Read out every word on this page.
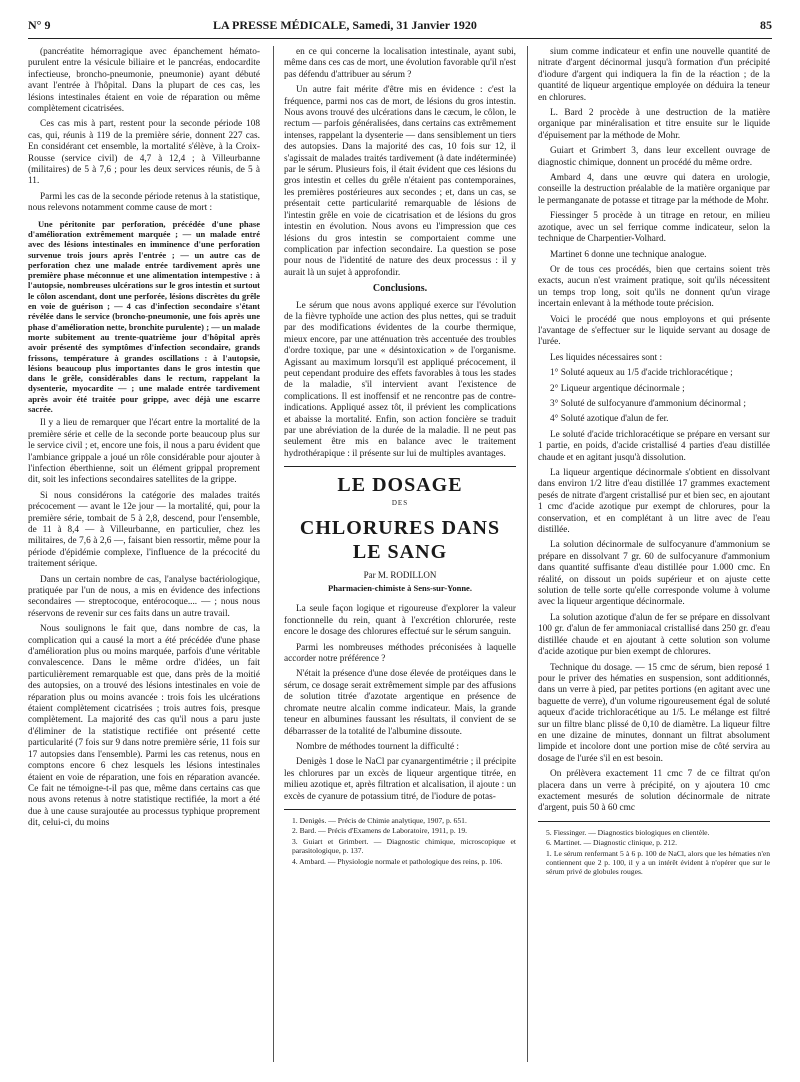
N° 9	LA PRESSE MÉDICALE, Samedi, 31 Janvier 1920	85

(pancréatite hémorragique avec épanchement hémato-purulent entre la vésicule biliaire et le pancréas, endocardite infectieuse, broncho-pneumonie, pneumonie) ayant débuté avant l'entrée à l'hôpital. Dans la plupart de ces cas, les lésions intestinales étaient en voie de réparation ou même complètement cicatrisées.

Ces cas mis à part, restent pour la seconde période 108 cas, qui, réunis à 119 de la première série, donnent 227 cas. En considérant cet ensemble, la mortalité s'élève, à la Croix-Rousse (service civil) de 4,7 à 12,4 ; à Villeurbanne (militaires) de 5 à 7,6 ; pour les deux services réunis, de 5 à 11.

Parmi les cas de la seconde période retenus à la statistique, nous relevons notamment comme cause de mort :

Une péritonite par perforation, précédée d'une phase d'amélioration extrêmement marquée ; — un malade entré avec des lésions intestinales en imminence d'une perforation survenue trois jours après l'entrée ; — un autre cas de perforation chez une malade entrée tardivement après une première phase méconnue et une alimentation intempestive : à l'autopsie, nombreuses ulcérations sur le gros intestin et surtout le côlon ascendant, dont une perforée, lésions discrètes du grêle en voie de guérison ; — 4 cas d'infection secondaire s'étant révélée dans le service (broncho-pneumonie, une fois après une phase d'amélioration nette, bronchite purulente) ; — un malade morte subitement au trente-quatrième jour d'hôpital après avoir présenté des symptômes d'infection secondaire, grands frissons, température à grandes oscillations : à l'autopsie, lésions beaucoup plus importantes dans le gros intestin que dans le grêle, considérables dans le rectum, rappelant la dysenterie, myocardite — ; une malade entrée tardivement après avoir été traitée pour grippe, avec déjà une escarre sacrée.

Il y a lieu de remarquer que l'écart entre la mortalité de la première série et celle de la seconde porte beaucoup plus sur le service civil ; et, encore une fois, il nous a paru évident que l'ambiance grippale a joué un rôle considérable pour ajouter à l'infection éberthienne, soit un élément grippal proprement dit, soit les infections secondaires satellites de la grippe.

Si nous considérons la catégorie des malades traités précocement — avant le 12e jour — la mortalité, qui, pour la première série, tombait de 5 à 2,8, descend, pour l'ensemble, de 11 à 8,4 — à Villeurbanne, en particulier, chez les militaires, de 7,6 à 2,6 —, faisant bien ressortir, même pour la période d'épidémie complexe, l'influence de la précocité du traitement sérique.

Dans un certain nombre de cas, l'analyse bactériologique, pratiquée par l'un de nous, a mis en évidence des infections secondaires — streptocoque, entérocoque.... — ; nous nous réservons de revenir sur ces faits dans un autre travail.

Nous soulignons le fait que, dans nombre de cas, la complication qui a causé la mort a été précédée d'une phase d'amélioration plus ou moins marquée, parfois d'une véritable convalescence. Dans le même ordre d'idées, un fait particulièrement remarquable est que, dans près de la moitié des autopsies, on a trouvé des lésions intestinales en voie de réparation plus ou moins avancée : trois fois les ulcérations étaient complètement cicatrisées ; trois autres fois, presque complètement. La majorité des cas qu'il nous a paru juste d'éliminer de la statistique rectifiée ont présenté cette particularité (7 fois sur 9 dans notre première série, 11 fois sur 17 autopsies dans l'ensemble). Parmi les cas retenus, nous en comptons encore 6 chez lesquels les lésions intestinales étaient en voie de réparation, une fois en réparation avancée. Ce fait ne témoigne-t-il pas que, même dans certains cas que nous avons retenus à notre statistique rectifiée, la mort a été due à une cause surajoutée au processus typhique proprement dit, celui-ci, du moins

en ce qui concerne la localisation intestinale, ayant subi, même dans ces cas de mort, une évolution favorable qu'il n'est pas défendu d'attribuer au sérum ?

Un autre fait mérite d'être mis en évidence : c'est la fréquence, parmi nos cas de mort, de lésions du gros intestin. Nous avons trouvé des ulcérations dans le cæcum, le côlon, le rectum — parfois généralisées, dans certains cas extrêmement intenses, rappelant la dysenterie — dans sensiblement un tiers des autopsies. Dans la majorité des cas, 10 fois sur 12, il s'agissait de malades traités tardivement (à date indéterminée) par le sérum. Plusieurs fois, il était évident que ces lésions du gros intestin et celles du grêle n'étaient pas contemporaines, les premières postérieures aux secondes ; et, dans un cas, se présentait cette particularité remarquable de lésions de l'intestin grêle en voie de cicatrisation et de lésions du gros intestin en évolution. Nous avons eu l'impression que ces lésions du gros intestin se comportaient comme une complication par infection secondaire. La question se pose pour nous de l'identité de nature des deux processus : il y aurait là un sujet à approfondir.

Conclusions.

Le sérum que nous avons appliqué exerce sur l'évolution de la fièvre typhoïde une action des plus nettes, qui se traduit par des modifications évidentes de la courbe thermique, mieux encore, par une atténuation très accentuée des troubles d'ordre toxique, par une « désintoxication » de l'organisme. Agissant au maximum lorsqu'il est appliqué précocement, il peut cependant produire des effets favorables à tous les stades de la maladie, s'il intervient avant l'existence de complications. Il est inoffensif et ne rencontre pas de contre-indications. Appliqué assez tôt, il prévient les complications et abaisse la mortalité. Enfin, son action foncière se traduit par une abréviation de la durée de la maladie. Il ne peut pas seulement être mis en balance avec le traitement hydrothérapique : il présente sur lui de multiples avantages.

LE DOSAGE
DES
CHLORURES DANS LE SANG
Par M. RODILLON
Pharmacien-chimiste à Sens-sur-Yonne.

La seule façon logique et rigoureuse d'explorer la valeur fonctionnelle du rein, quant à l'excrétion chlorurée, reste encore le dosage des chlorures effectué sur le sérum sanguin.

Parmi les nombreuses méthodes préconisées à laquelle accorder notre préférence ?

N'était la présence d'une dose élevée de protéiques dans le sérum, ce dosage serait extrêmement simple par des affusions de solution titrée d'azotate argentique en présence de chromate neutre alcalin comme indicateur. Mais, la grande teneur en albumines faussant les résultats, il convient de se débarrasser de la totalité de l'albumine dissoute.

Nombre de méthodes tournent la difficulté :

Denigès 1 dose le NaCl par cyanargentimétrie ; il précipite les chlorures par un excès de liqueur argentique titrée, en milieu azotique et, après filtration et alcalisation, il ajoute : un excès de cyanure de potassium titré, de l'iodure de potas-

1. Denigès. — Précis de Chimie analytique, 1907, p. 651.

2. Bard. — Précis d'Examens de Laboratoire, 1911, p. 19.

3. Guiart et Grimbert. — Diagnostic chimique, microscopique et parasitologique, p. 137.

4. Ambard. — Physiologie normale et pathologique des reins, p. 106.

sium comme indicateur et enfin une nouvelle quantité de nitrate d'argent décinormal jusqu'à formation d'un précipité d'iodure d'argent qui indiquera la fin de la réaction ; de la quantité de liqueur argentique employée on déduira la teneur en chlorures.

L. Bard 2 procède à une destruction de la matière organique par minéralisation et titre ensuite sur le liquide d'épuisement par la méthode de Mohr.

Guiart et Grimbert 3, dans leur excellent ouvrage de diagnostic chimique, donnent un procédé du même ordre.

Ambard 4, dans une œuvre qui datera en urologie, conseille la destruction préalable de la matière organique par le permanganate de potasse et titrage par la méthode de Mohr.

Fiessinger 5 procède à un titrage en retour, en milieu azotique, avec un sel ferrique comme indicateur, selon la technique de Charpentier-Volhard.

Martinet 6 donne une technique analogue.

Or de tous ces procédés, bien que certains soient très exacts, aucun n'est vraiment pratique, soit qu'ils nécessitent un temps trop long, soit qu'ils ne donnent qu'un virage incertain enlevant à la méthode toute précision.

Voici le procédé que nous employons et qui présente l'avantage de s'effectuer sur le liquide servant au dosage de l'urée.

Les liquides nécessaires sont :

1° Soluté aqueux au 1/5 d'acide trichloracétique ;

2° Liqueur argentique décinormale ;

3° Soluté de sulfocyanure d'ammonium décinormal ;

4° Soluté azotique d'alun de fer.

Le soluté d'acide trichloracétique se prépare en versant sur 1 partie, en poids, d'acide cristallisé 4 parties d'eau distillée chaude et en agitant jusqu'à dissolution.

La liqueur argentique décinormale s'obtient en dissolvant dans environ 1/2 litre d'eau distillée 17 grammes exactement pesés de nitrate d'argent cristallisé pur et bien sec, en ajoutant 1 cmc d'acide azotique pur exempt de chlorures, pour la conservation, et en complétant à un litre avec de l'eau distillée.

La solution décinormale de sulfocyanure d'ammonium se prépare en dissolvant 7 gr. 60 de sulfocyanure d'ammonium dans quantité suffisante d'eau distillée pour 1.000 cmc. En réalité, on dissout un poids supérieur et on ajuste cette solution de telle sorte qu'elle corresponde volume à volume avec la liqueur argentique décinormale.

La solution azotique d'alun de fer se prépare en dissolvant 100 gr. d'alun de fer ammoniacal cristallisé dans 250 gr. d'eau distillée chaude et en ajoutant à cette solution son volume d'acide azotique pur bien exempt de chlorures.

Technique du dosage. — 15 cmc de sérum, bien reposé 1 pour le priver des hématies en suspension, sont additionnés, dans un verre à pied, par petites portions (en agitant avec une baguette de verre), d'un volume rigoureusement égal de soluté aqueux d'acide trichloracétique au 1/5. Le mélange est filtré sur un filtre blanc plissé de 0,10 de diamètre. La liqueur filtre en une dizaine de minutes, donnant un filtrat absolument limpide et incolore dont une portion mise de côté servira au dosage de l'urée s'il en est besoin.

On prélèvera exactement 11 cmc 7 de ce filtrat qu'on placera dans un verre à précipité, on y ajoutera 10 cmc exactement mesurés de solution décinormale de nitrate d'argent, puis 50 à 60 cmc

5. Fiessinger. — Diagnostics biologiques en clientèle.

6. Martinet. — Diagnostic clinique, p. 212.

1. Le sérum renfermant 5 à 6 p. 100 de NaCl, alors que les hématies n'en contiennent que 2 p. 100, il y a un intérêt évident à n'opérer que sur le sérum privé de globules rouges.
